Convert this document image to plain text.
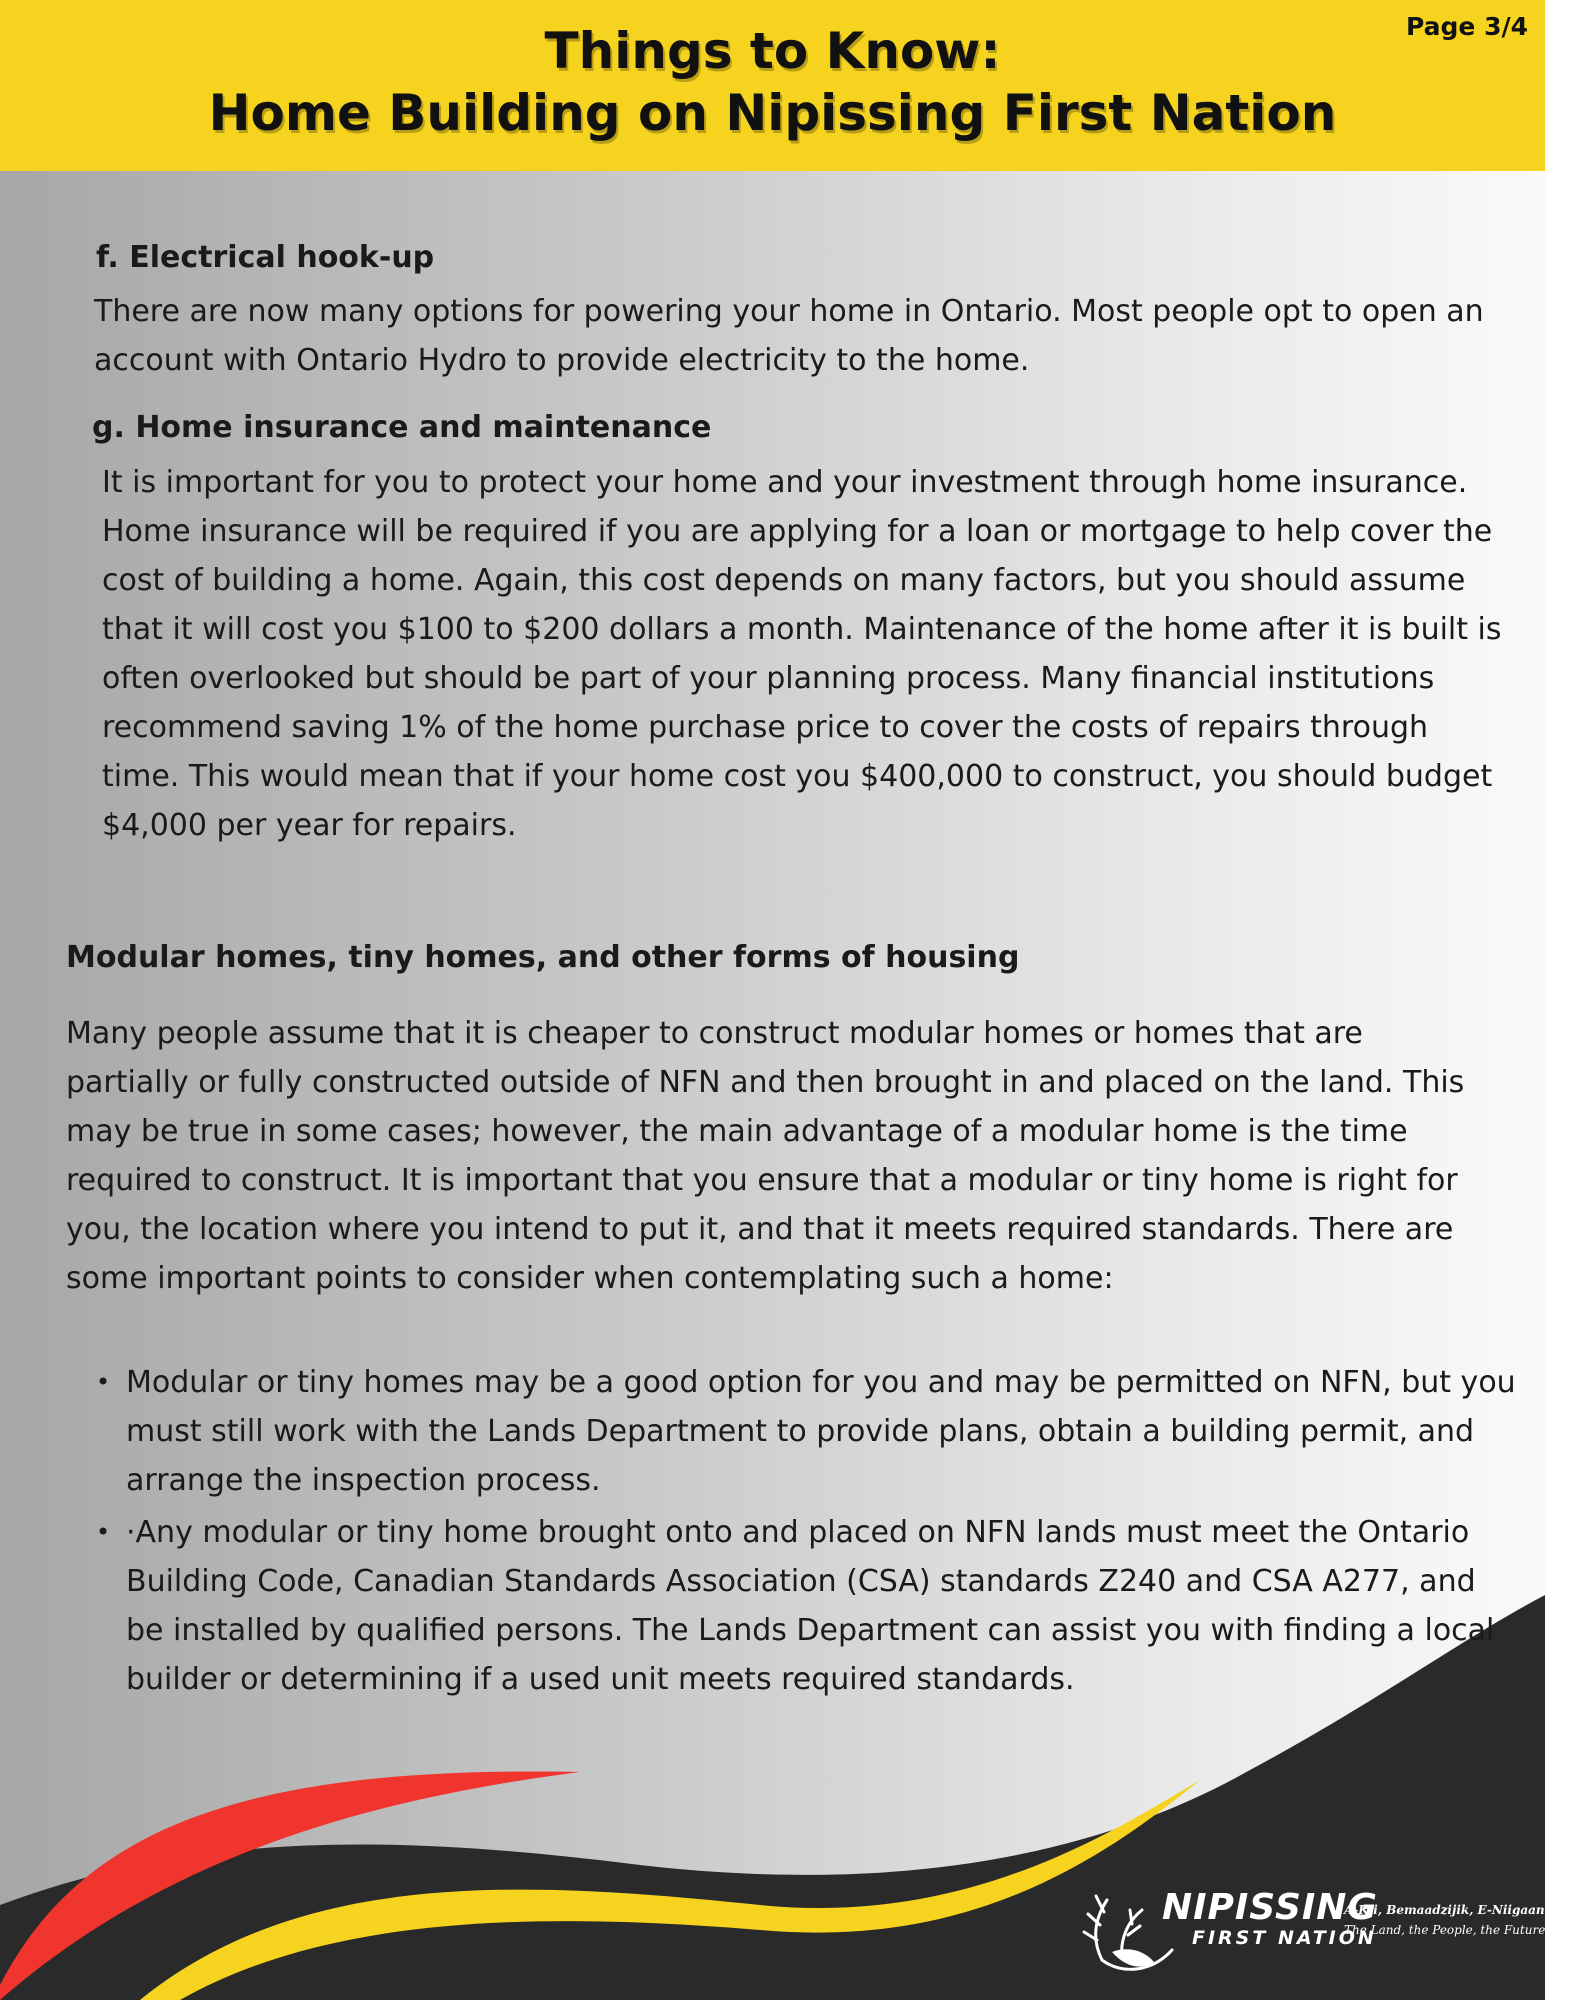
Things to Know:
Home Building on Nipissing First Nation
Page 3/4
f. Electrical hook-up

There are now many options for powering your home in Ontario. Most people opt to open an account with Ontario Hydro to provide electricity to the home.

g. Home insurance and maintenance

It is important for you to protect your home and your investment through home insurance. Home insurance will be required if you are applying for a loan or mortgage to help cover the cost of building a home. Again, this cost depends on many factors, but you should assume that it will cost you $100 to $200 dollars a month. Maintenance of the home after it is built is often overlooked but should be part of your planning process. Many financial institutions recommend saving 1% of the home purchase price to cover the costs of repairs through time. This would mean that if your home cost you $400,000 to construct, you should budget $4,000 per year for repairs.

Modular homes, tiny homes, and other forms of housing

Many people assume that it is cheaper to construct modular homes or homes that are partially or fully constructed outside of NFN and then brought in and placed on the land. This may be true in some cases; however, the main advantage of a modular home is the time required to construct. It is important that you ensure that a modular or tiny home is right for you, the location where you intend to put it, and that it meets required standards. There are some important points to consider when contemplating such a home:

• Modular or tiny homes may be a good option for you and may be permitted on NFN, but you must still work with the Lands Department to provide plans, obtain a building permit, and arrange the inspection process.
• ·Any modular or tiny home brought onto and placed on NFN lands must meet the Ontario Building Code, Canadian Standards Association (CSA) standards Z240 and CSA A277, and be installed by qualified persons. The Lands Department can assist you with finding a local builder or determining if a used unit meets required standards.
NIPISSING
FIRST NATION
A-Kii, Bemaadzijik, E-Niigaanwang
The Land, the People, the Future
